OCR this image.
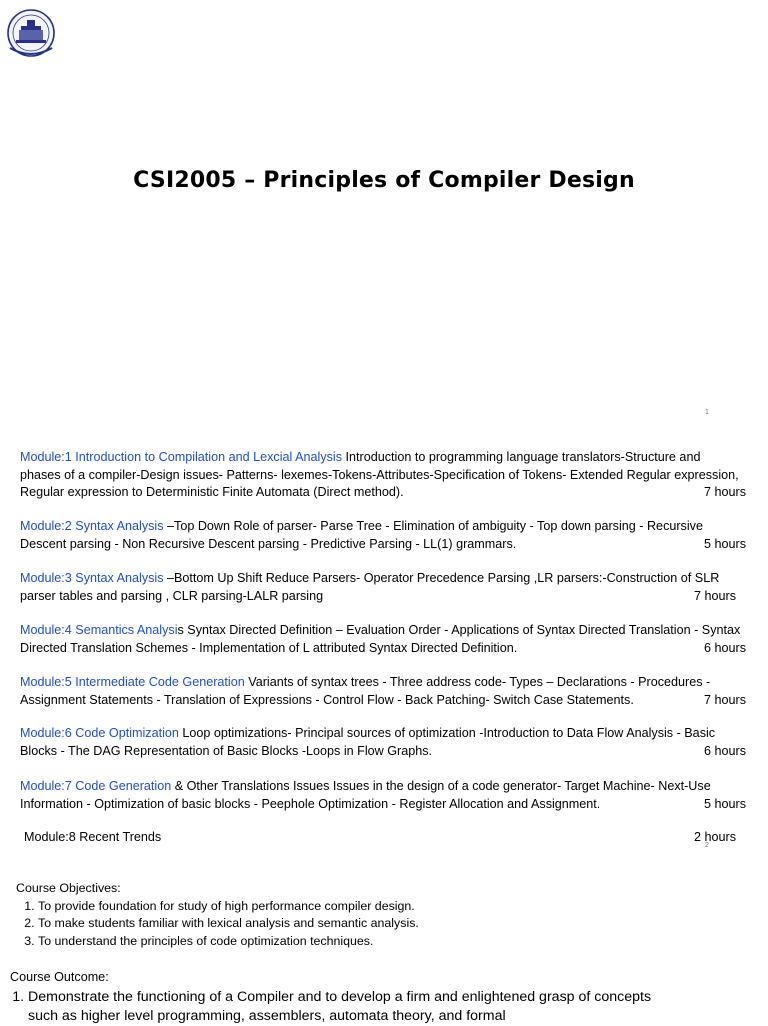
CSI2005 – Principles of Compiler Design
1
Module:1 Introduction to Compilation and Lexcial Analysis Introduction to programming language translators-Structure and phases of a compiler-Design issues- Patterns- lexemes-Tokens-Attributes-Specification of Tokens- Extended Regular expression, Regular expression to Deterministic Finite Automata (Direct method).	7 hours
Module:2 Syntax Analysis –Top Down Role of parser- Parse Tree - Elimination of ambiguity - Top down parsing - Recursive Descent parsing - Non Recursive Descent parsing - Predictive Parsing - LL(1) grammars.	5 hours
Module:3 Syntax Analysis –Bottom Up Shift Reduce Parsers- Operator Precedence Parsing ,LR parsers:-Construction of SLR parser tables and parsing , CLR parsing-LALR parsing	7 hours
Module:4 Semantics Analysis Syntax Directed Definition – Evaluation Order - Applications of Syntax Directed Translation - Syntax Directed Translation Schemes - Implementation of L attributed Syntax Directed Definition.	6 hours
Module:5 Intermediate Code Generation Variants of syntax trees - Three address code- Types – Declarations - Procedures - Assignment Statements - Translation of Expressions - Control Flow - Back Patching- Switch Case Statements.	7 hours
Module:6 Code Optimization Loop optimizations- Principal sources of optimization -Introduction to Data Flow Analysis - Basic Blocks - The DAG Representation of Basic Blocks -Loops in Flow Graphs.	6 hours
Module:7 Code Generation & Other Translations Issues Issues in the design of a code generator- Target Machine- Next-Use Information - Optimization of basic blocks - Peephole Optimization - Register Allocation and Assignment.	5 hours
Module:8 Recent Trends	2 hours
2
Course Objectives:
1. To provide foundation for study of high performance compiler design.
2. To make students familiar with lexical analysis and semantic analysis.
3. To understand the principles of code optimization techniques.
Course Outcome:
1. Demonstrate the functioning of a Compiler and to develop a firm and enlightened grasp of concepts such as higher level programming, assemblers, automata theory, and formal
